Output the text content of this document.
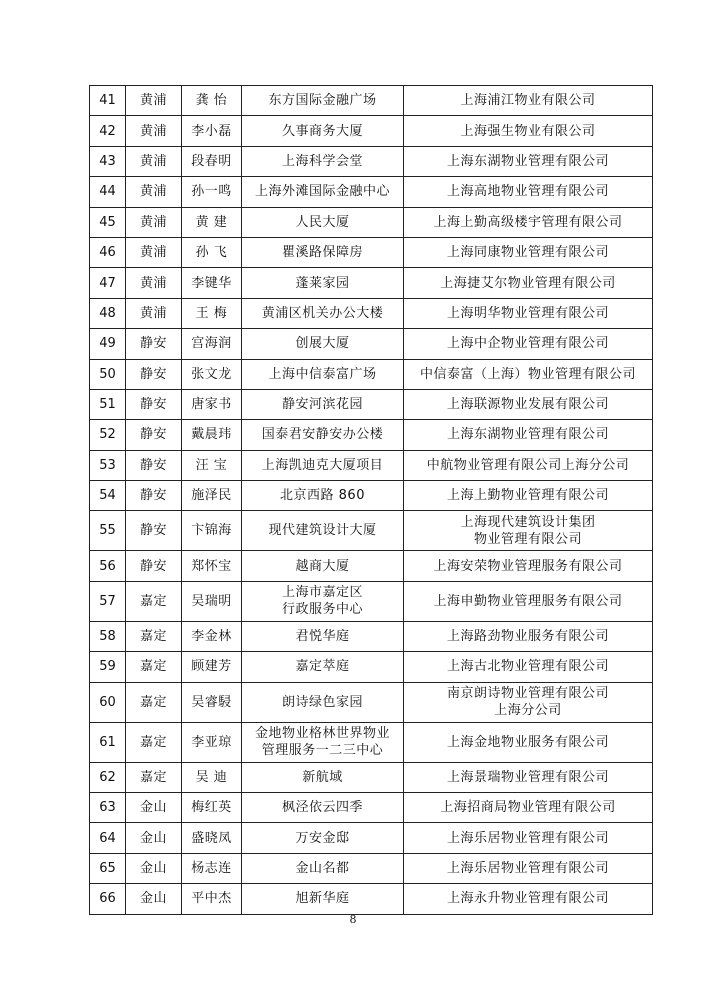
41	黄浦	龚 怡	东方国际金融广场	上海浦江物业有限公司

42	黄浦	李小磊	久事商务大厦	上海强生物业有限公司

43	黄浦	段春明	上海科学会堂	上海东湖物业管理有限公司

44	黄浦	孙一鸣	上海外滩国际金融中心	上海高地物业管理有限公司

45	黄浦	黄 建	人民大厦	上海上勤高级楼宇管理有限公司

46	黄浦	孙 飞	瞿溪路保障房	上海同康物业管理有限公司

47	黄浦	李键华	蓬莱家园	上海捷艾尔物业管理有限公司

48	黄浦	王 梅	黄浦区机关办公大楼	上海明华物业管理有限公司

49	静安	宫海润	创展大厦	上海中企物业管理有限公司

50	静安	张文龙	上海中信泰富广场	中信泰富（上海）物业管理有限公司

51	静安	唐家书	静安河滨花园	上海联源物业发展有限公司

52	静安	戴晨玮	国泰君安静安办公楼	上海东湖物业管理有限公司

53	静安	汪 宝	上海凯迪克大厦项目	中航物业管理有限公司上海分公司

54	静安	施泽民	北京西路 860	上海上勤物业管理有限公司

55	静安	卞锦海	现代建筑设计大厦	上海现代建筑设计集团
物业管理有限公司

56	静安	郑怀宝	越商大厦	上海安荣物业管理服务有限公司

57	嘉定	吴瑞明	上海市嘉定区
行政服务中心	上海申勤物业管理服务有限公司

58	嘉定	李金林	君悦华庭	上海路劲物业服务有限公司

59	嘉定	顾建芳	嘉定萃庭	上海古北物业管理有限公司

60	嘉定	吴睿駸	朗诗绿色家园	南京朗诗物业管理有限公司
上海分公司

61	嘉定	李亚琼	金地物业格林世界物业
管理服务一二三中心	上海金地物业服务有限公司

62	嘉定	吴 迪	新航域	上海景瑞物业管理有限公司

63	金山	梅红英	枫泾依云四季	上海招商局物业管理有限公司

64	金山	盛晓凤	万安金邸	上海乐居物业管理有限公司

65	金山	杨志连	金山名都	上海乐居物业管理有限公司

66	金山	平中杰	旭新华庭	上海永升物业管理有限公司
8
